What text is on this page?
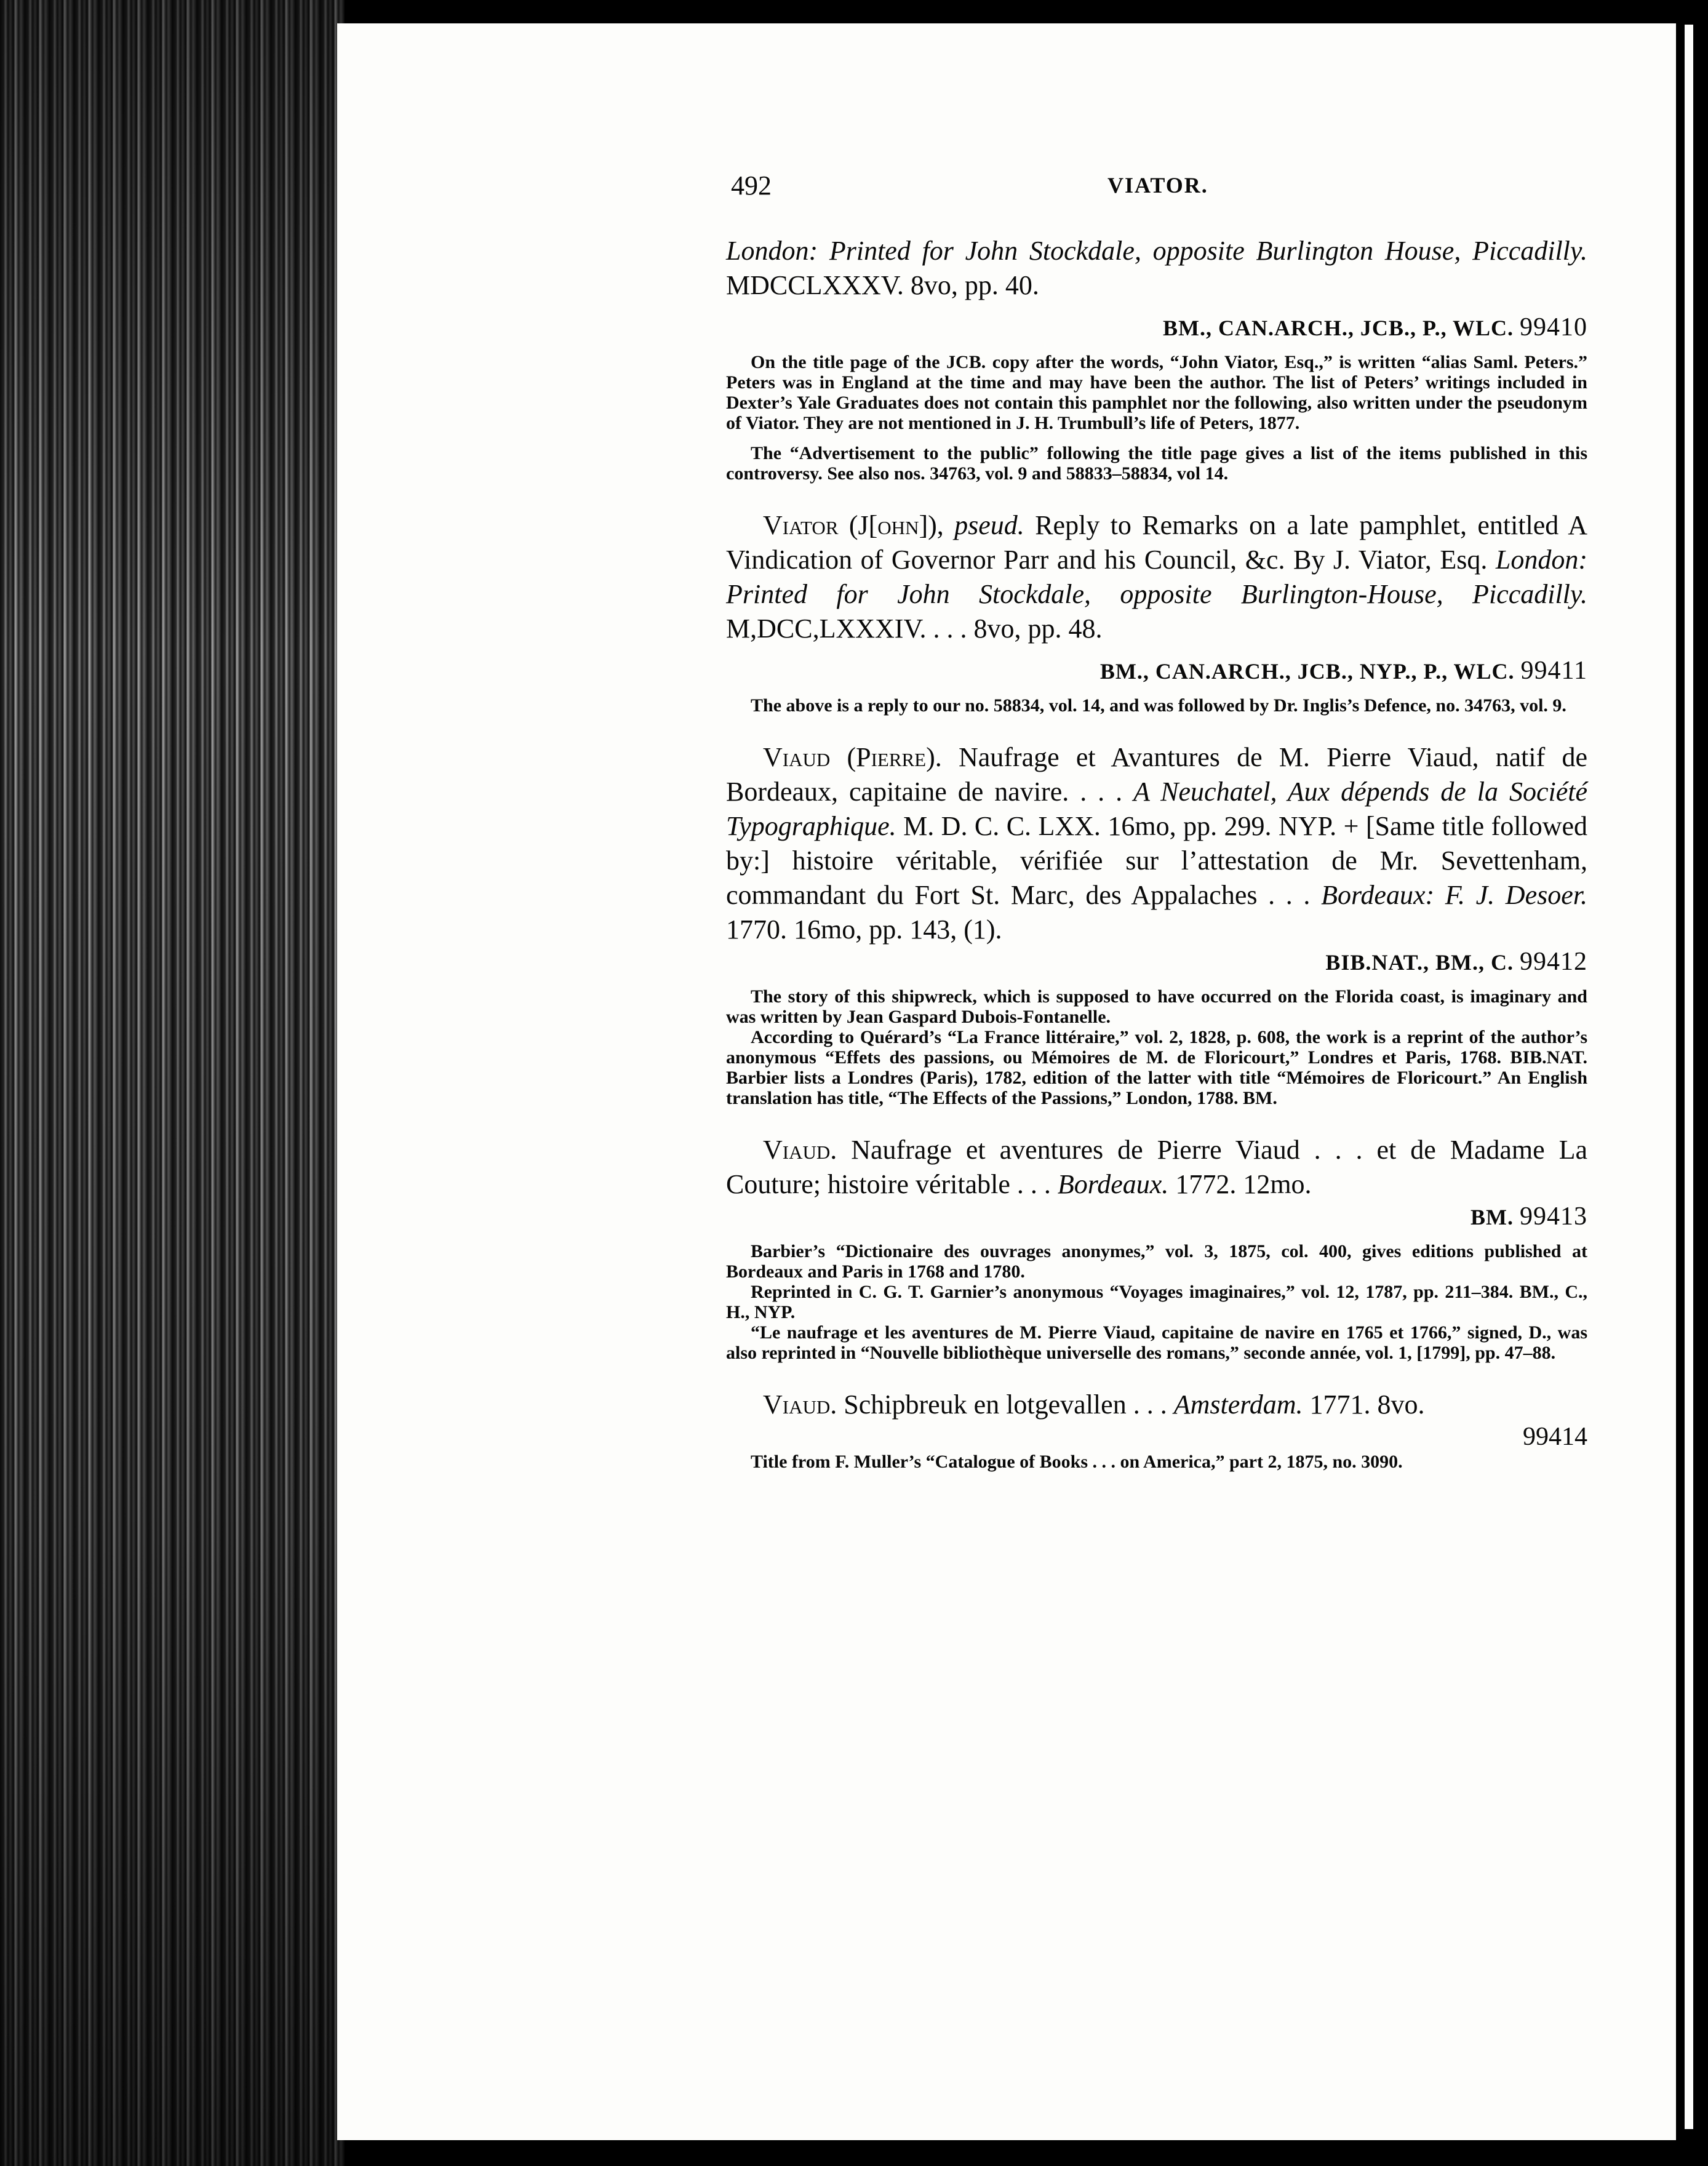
492	VIATOR.

London: Printed for John Stockdale, opposite Burlington House, Piccadilly. MDCCLXXXV. 8vo, pp. 40.

BM., CAN.ARCH., JCB., P., WLC. 99410

On the title page of the JCB. copy after the words, “John Viator, Esq.,” is written “alias Saml. Peters.” Peters was in England at the time and may have been the author. The list of Peters’ writings included in Dexter’s Yale Graduates does not contain this pamphlet nor the following, also written under the pseudonym of Viator. They are not mentioned in J. H. Trumbull’s life of Peters, 1877.

The “Advertisement to the public” following the title page gives a list of the items published in this controversy. See also nos. 34763, vol. 9 and 58833–58834, vol 14.

Viator (J[ohn]), pseud. Reply to Remarks on a late pamphlet, entitled A Vindication of Governor Parr and his Council, &c. By J. Viator, Esq. London: Printed for John Stockdale, opposite Burlington-House, Piccadilly. M,DCC,LXXXIV. . . . 8vo, pp. 48.

BM., CAN.ARCH., JCB., NYP., P., WLC. 99411

The above is a reply to our no. 58834, vol. 14, and was followed by Dr. Inglis’s Defence, no. 34763, vol. 9.

Viaud (Pierre). Naufrage et Avantures de M. Pierre Viaud, natif de Bordeaux, capitaine de navire. . . . A Neuchatel, Aux dépends de la Société Typographique. M. D. C. C. LXX. 16mo, pp. 299. NYP. + [Same title followed by:] histoire véritable, vérifiée sur l’attestation de Mr. Sevettenham, commandant du Fort St. Marc, des Appalaches . . . Bordeaux: F. J. Desoer. 1770. 16mo, pp. 143, (1).

BIB.NAT., BM., C. 99412

The story of this shipwreck, which is supposed to have occurred on the Florida coast, is imaginary and was written by Jean Gaspard Dubois-Fontanelle.

According to Quérard’s “La France littéraire,” vol. 2, 1828, p. 608, the work is a reprint of the author’s anonymous “Effets des passions, ou Mémoires de M. de Floricourt,” Londres et Paris, 1768. BIB.NAT. Barbier lists a Londres (Paris), 1782, edition of the latter with title “Mémoires de Floricourt.” An English translation has title, “The Effects of the Passions,” London, 1788. BM.

Viaud. Naufrage et aventures de Pierre Viaud . . . et de Madame La Couture; histoire véritable . . . Bordeaux. 1772. 12mo.

BM. 99413

Barbier’s “Dictionaire des ouvrages anonymes,” vol. 3, 1875, col. 400, gives editions published at Bordeaux and Paris in 1768 and 1780.

Reprinted in C. G. T. Garnier’s anonymous “Voyages imaginaires,” vol. 12, 1787, pp. 211–384. BM., C., H., NYP.

“Le naufrage et les aventures de M. Pierre Viaud, capitaine de navire en 1765 et 1766,” signed, D., was also reprinted in “Nouvelle bibliothèque universelle des romans,” seconde année, vol. 1, [1799], pp. 47–88.

Viaud. Schipbreuk en lotgevallen . . . Amsterdam. 1771. 8vo.

99414

Title from F. Muller’s “Catalogue of Books . . . on America,” part 2, 1875, no. 3090.
